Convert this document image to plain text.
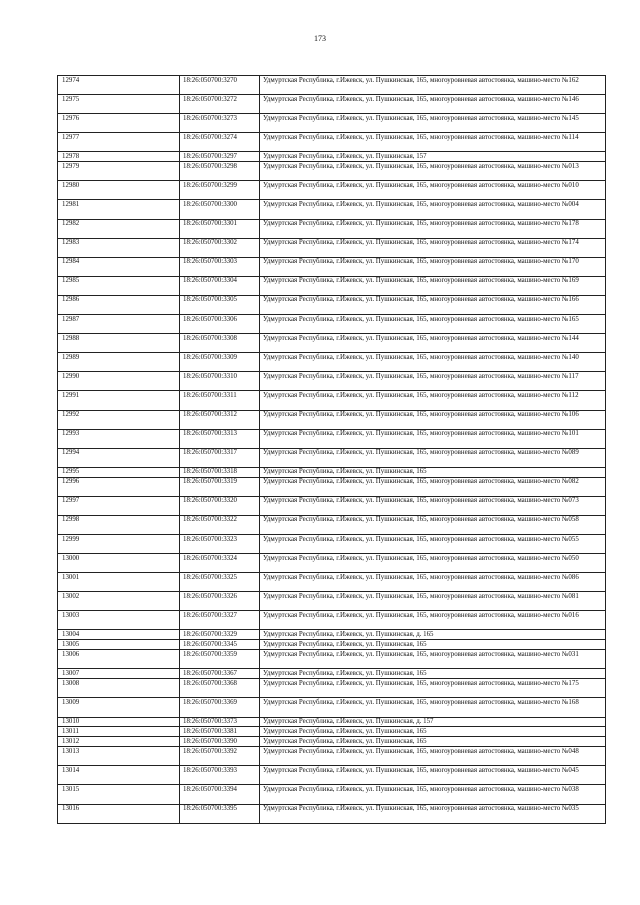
173
12974	18:26:050700:3270	Удмуртская Республика, г.Ижевск, ул. Пушкинская, 165, многоуровневая автостоянка, машино-место №162
12975	18:26:050700:3272	Удмуртская Республика, г.Ижевск, ул. Пушкинская, 165, многоуровневая автостоянка, машино-место №146
12976	18:26:050700:3273	Удмуртская Республика, г.Ижевск, ул. Пушкинская, 165, многоуровневая автостоянка, машино-место №145
12977	18:26:050700:3274	Удмуртская Республика, г.Ижевск, ул. Пушкинская, 165, многоуровневая автостоянка, машино-место №114
12978	18:26:050700:3297	Удмуртская Республика, г.Ижевск, ул. Пушкинская, 157
12979	18:26:050700:3298	Удмуртская Республика, г.Ижевск, ул. Пушкинская, 165, многоуровневая автостоянка, машино-место №013
12980	18:26:050700:3299	Удмуртская Республика, г.Ижевск, ул. Пушкинская, 165, многоуровневая автостоянка, машино-место №010
12981	18:26:050700:3300	Удмуртская Республика, г.Ижевск, ул. Пушкинская, 165, многоуровневая автостоянка, машино-место №004
12982	18:26:050700:3301	Удмуртская Республика, г.Ижевск, ул. Пушкинская, 165, многоуровневая автостоянка, машино-место №178
12983	18:26:050700:3302	Удмуртская Республика, г.Ижевск, ул. Пушкинская, 165, многоуровневая автостоянка, машино-место №174
12984	18:26:050700:3303	Удмуртская Республика, г.Ижевск, ул. Пушкинская, 165, многоуровневая автостоянка, машино-место №170
12985	18:26:050700:3304	Удмуртская Республика, г.Ижевск, ул. Пушкинская, 165, многоуровневая автостоянка, машино-место №169
12986	18:26:050700:3305	Удмуртская Республика, г.Ижевск, ул. Пушкинская, 165, многоуровневая автостоянка, машино-место №166
12987	18:26:050700:3306	Удмуртская Республика, г.Ижевск, ул. Пушкинская, 165, многоуровневая автостоянка, машино-место №165
12988	18:26:050700:3308	Удмуртская Республика, г.Ижевск, ул. Пушкинская, 165, многоуровневая автостоянка, машино-место №144
12989	18:26:050700:3309	Удмуртская Республика, г.Ижевск, ул. Пушкинская, 165, многоуровневая автостоянка, машино-место №140
12990	18:26:050700:3310	Удмуртская Республика, г.Ижевск, ул. Пушкинская, 165, многоуровневая автостоянка, машино-место №117
12991	18:26:050700:3311	Удмуртская Республика, г.Ижевск, ул. Пушкинская, 165, многоуровневая автостоянка, машино-место №112
12992	18:26:050700:3312	Удмуртская Республика, г.Ижевск, ул. Пушкинская, 165, многоуровневая автостоянка, машино-место №106
12993	18:26:050700:3313	Удмуртская Республика, г.Ижевск, ул. Пушкинская, 165, многоуровневая автостоянка, машино-место №101
12994	18:26:050700:3317	Удмуртская Республика, г.Ижевск, ул. Пушкинская, 165, многоуровневая автостоянка, машино-место №089
12995	18:26:050700:3318	Удмуртская Республика, г.Ижевск, ул. Пушкинская, 165
12996	18:26:050700:3319	Удмуртская Республика, г.Ижевск, ул. Пушкинская, 165, многоуровневая автостоянка, машино-место №082
12997	18:26:050700:3320	Удмуртская Республика, г.Ижевск, ул. Пушкинская, 165, многоуровневая автостоянка, машино-место №073
12998	18:26:050700:3322	Удмуртская Республика, г.Ижевск, ул. Пушкинская, 165, многоуровневая автостоянка, машино-место №058
12999	18:26:050700:3323	Удмуртская Республика, г.Ижевск, ул. Пушкинская, 165, многоуровневая автостоянка, машино-место №055
13000	18:26:050700:3324	Удмуртская Республика, г.Ижевск, ул. Пушкинская, 165, многоуровневая автостоянка, машино-место №050
13001	18:26:050700:3325	Удмуртская Республика, г.Ижевск, ул. Пушкинская, 165, многоуровневая автостоянка, машино-место №086
13002	18:26:050700:3326	Удмуртская Республика, г.Ижевск, ул. Пушкинская, 165, многоуровневая автостоянка, машино-место №081
13003	18:26:050700:3327	Удмуртская Республика, г.Ижевск, ул. Пушкинская, 165, многоуровневая автостоянка, машино-место №016
13004	18:26:050700:3329	Удмуртская Республика, г.Ижевск, ул. Пушкинская, д. 165
13005	18:26:050700:3345	Удмуртская Республика, г.Ижевск, ул. Пушкинская, 165
13006	18:26:050700:3359	Удмуртская Республика, г.Ижевск, ул. Пушкинская, 165, многоуровневая автостоянка, машино-место №031
13007	18:26:050700:3367	Удмуртская Республика, г.Ижевск, ул. Пушкинская, 165
13008	18:26:050700:3368	Удмуртская Республика, г.Ижевск, ул. Пушкинская, 165, многоуровневая автостоянка, машино-место №175
13009	18:26:050700:3369	Удмуртская Республика, г.Ижевск, ул. Пушкинская, 165, многоуровневая автостоянка, машино-место №168
13010	18:26:050700:3373	Удмуртская Республика, г.Ижевск, ул. Пушкинская, д. 157
13011	18:26:050700:3381	Удмуртская Республика, г.Ижевск, ул. Пушкинская, 165
13012	18:26:050700:3390	Удмуртская Республика, г.Ижевск, ул. Пушкинская, 165
13013	18:26:050700:3392	Удмуртская Республика, г.Ижевск, ул. Пушкинская, 165, многоуровневая автостоянка, машино-место №048
13014	18:26:050700:3393	Удмуртская Республика, г.Ижевск, ул. Пушкинская, 165, многоуровневая автостоянка, машино-место №045
13015	18:26:050700:3394	Удмуртская Республика, г.Ижевск, ул. Пушкинская, 165, многоуровневая автостоянка, машино-место №038
13016	18:26:050700:3395	Удмуртская Республика, г.Ижевск, ул. Пушкинская, 165, многоуровневая автостоянка, машино-место №035
